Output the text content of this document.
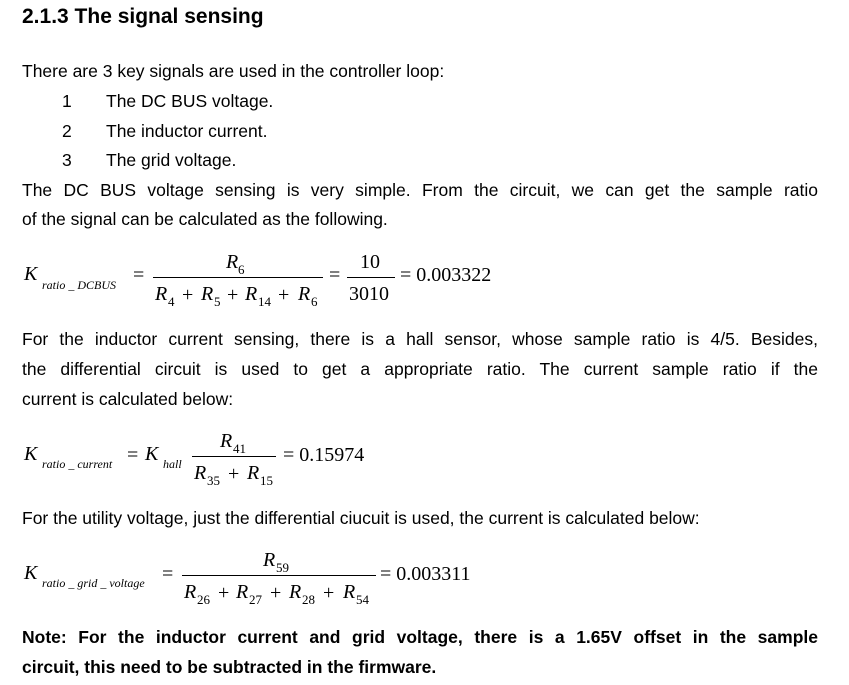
2.1.3 The signal sensing
There are 3 key signals are used in the controller loop:
1 The DC BUS voltage.
2 The inductor current.
3 The grid voltage.
The DC BUS voltage sensing is very simple. From the circuit, we can get the sample ratio
of the signal can be calculated as the following.
K ratio _ DCBUS =
R 6
R 4 + R 5 + R 14 + R 6
=
10
3010
= 0.003322
For the inductor current sensing, there is a hall sensor, whose sample ratio is 4/5. Besides,
the differential circuit is used to get a appropriate ratio. The current sample ratio if the
current is calculated below:
K ratio _ current = K hall
R 41
R 35 + R 15
= 0.15974
For the utility voltage, just the differential ciucuit is used, the current is calculated below:
K ratio _ grid _ voltage =
R 59
R 26 + R 27 + R 28 + R 54
= 0.003311
Note: For the inductor current and grid voltage, there is a 1.65V offset in the sample
circuit, this need to be subtracted in the firmware.
